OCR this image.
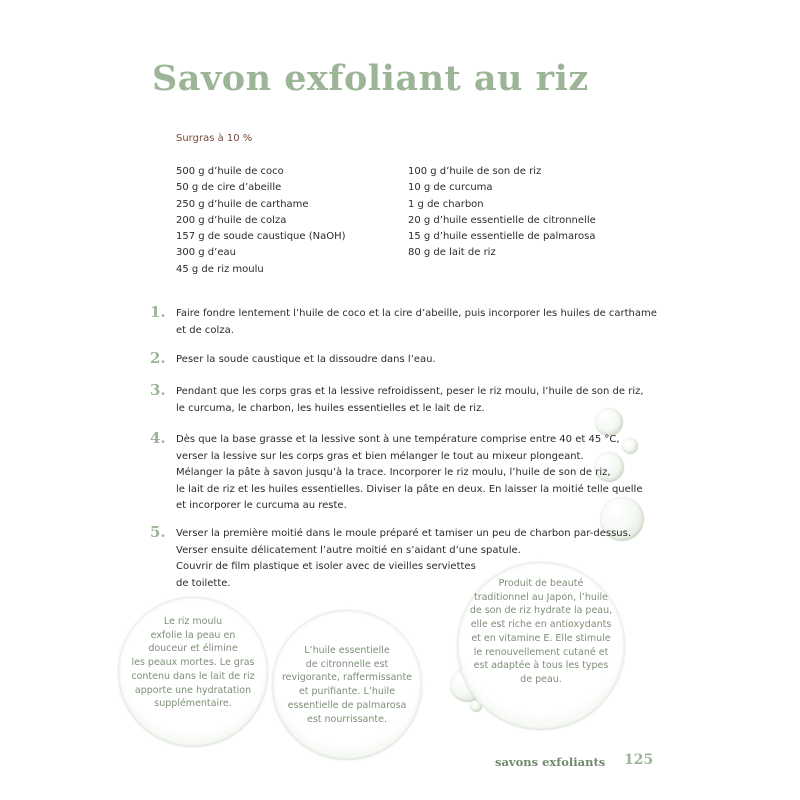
Savon exfoliant au riz
Surgras à 10 %
500 g d’huile de coco
50 g de cire d’abeille
250 g d’huile de carthame
200 g d’huile de colza
157 g de soude caustique (NaOH)
300 g d’eau
45 g de riz moulu
100 g d’huile de son de riz
10 g de curcuma
1 g de charbon
20 g d’huile essentielle de citronnelle
15 g d’huile essentielle de palmarosa
80 g de lait de riz
1. Faire fondre lentement l’huile de coco et la cire d’abeille, puis incorporer les huiles de carthame
et de colza.
2. Peser la soude caustique et la dissoudre dans l’eau.
3. Pendant que les corps gras et la lessive refroidissent, peser le riz moulu, l’huile de son de riz,
le curcuma, le charbon, les huiles essentielles et le lait de riz.
4. Dès que la base grasse et la lessive sont à une température comprise entre 40 et 45 °C,
verser la lessive sur les corps gras et bien mélanger le tout au mixeur plongeant.
Mélanger la pâte à savon jusqu’à la trace. Incorporer le riz moulu, l’huile de son de riz,
le lait de riz et les huiles essentielles. Diviser la pâte en deux. En laisser la moitié telle quelle
et incorporer le curcuma au reste.
5. Verser la première moitié dans le moule préparé et tamiser un peu de charbon par-dessus.
Verser ensuite délicatement l’autre moitié en s’aidant d’une spatule.
Couvrir de film plastique et isoler avec de vieilles serviettes
de toilette.
Le riz moulu
exfolie la peau en
douceur et élimine
les peaux mortes. Le gras
contenu dans le lait de riz
apporte une hydratation
supplémentaire.
L’huile essentielle
de citronnelle est
revigorante, raffermissante
et purifiante. L’huile
essentielle de palmarosa
est nourrissante.
Produit de beauté
traditionnel au Japon, l’huile
de son de riz hydrate la peau,
elle est riche en antioxydants
et en vitamine E. Elle stimule
le renouvellement cutané et
est adaptée à tous les types
de peau.
savons exfoliants 125
